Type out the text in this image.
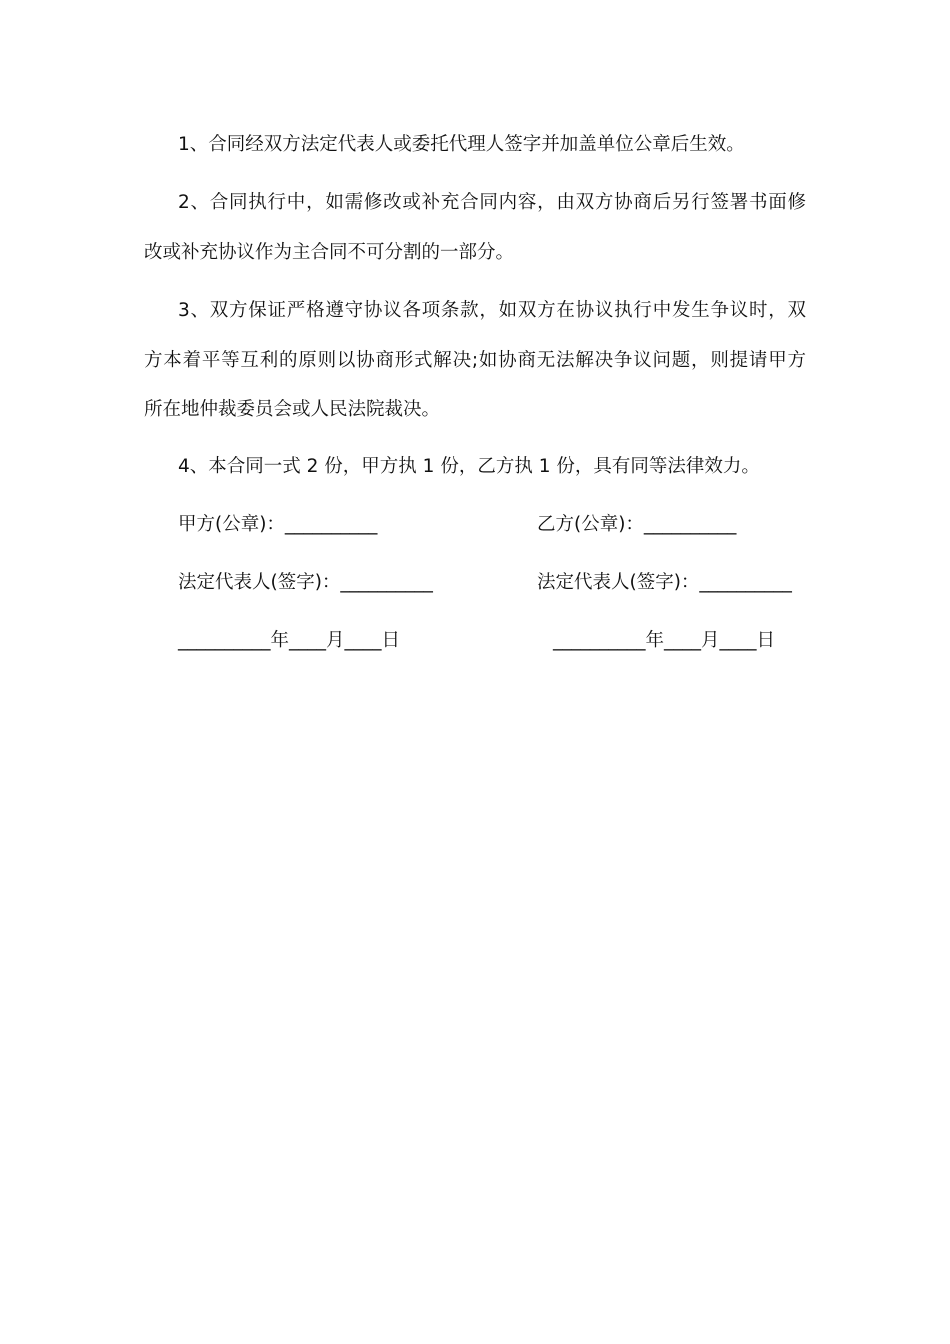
1、合同经双方法定代表人或委托代理人签字并加盖单位公章后生效。
2、合同执行中，如需修改或补充合同内容，由双方协商后另行签署书面修
改或补充协议作为主合同不可分割的一部分。
3、双方保证严格遵守协议各项条款，如双方在协议执行中发生争议时，双
方本着平等互利的原则以协商形式解决;如协商无法解决争议问题，则提请甲方
所在地仲裁委员会或人民法院裁决。
4、本合同一式 2 份，甲方执 1 份，乙方执 1 份，具有同等法律效力。
甲方(公章)：__________	乙方(公章)：__________
法定代表人(签字)：__________	法定代表人(签字)：__________
__________年____月____日	__________年____月____日
